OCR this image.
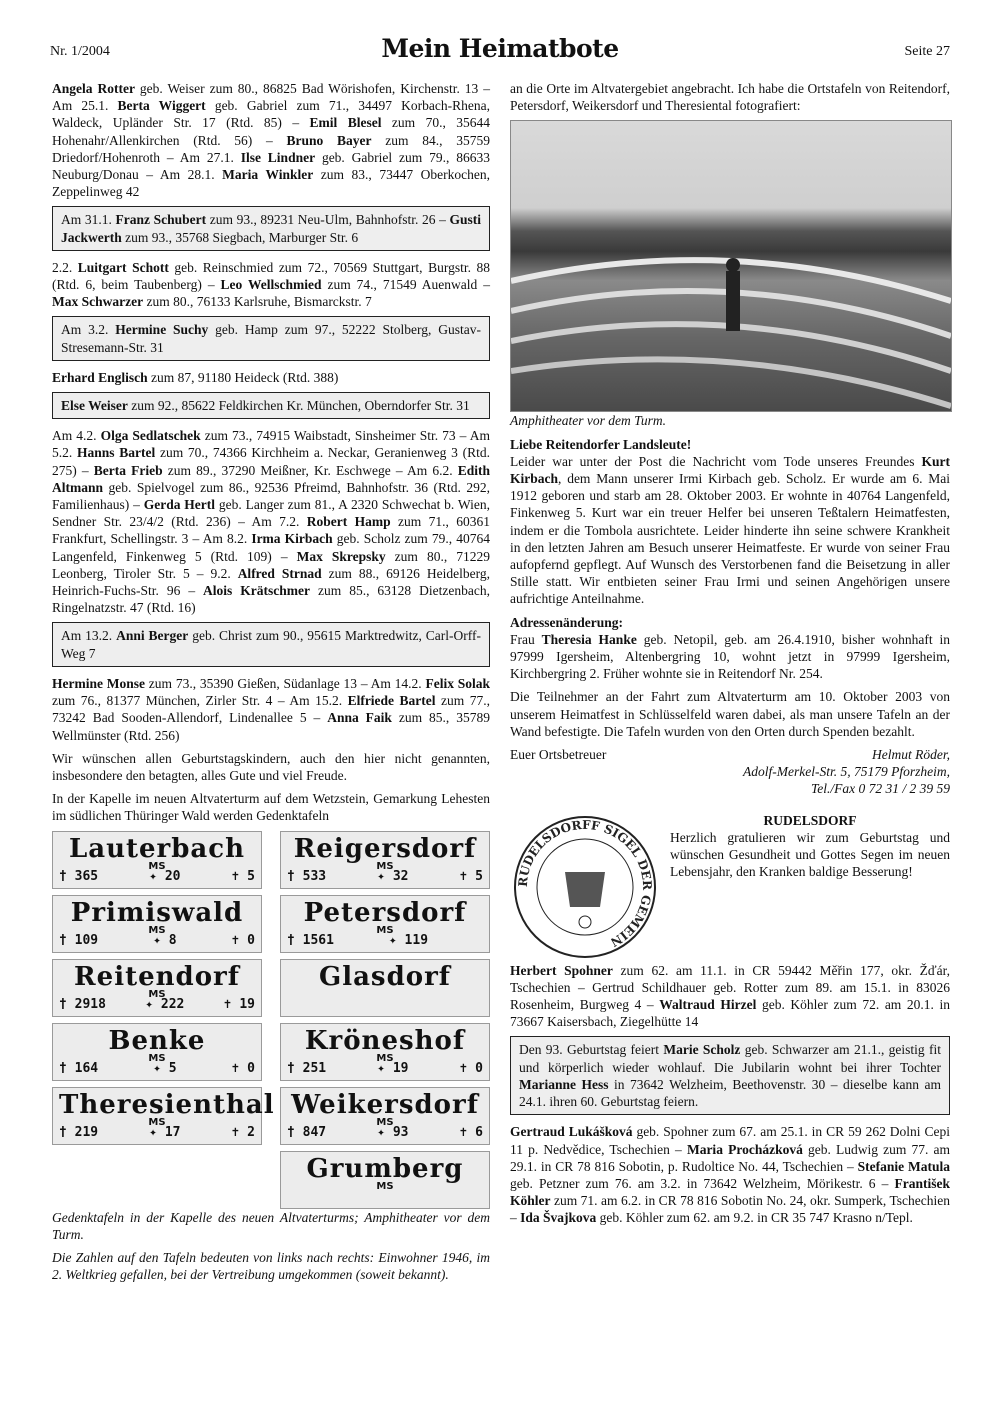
Nr. 1/2004	Mein Heimatbote	Seite 27

Angela Rotter geb. Weiser zum 80., 86825 Bad Wörishofen, Kirchenstr. 13 – Am 25.1. Berta Wiggert geb. Gabriel zum 71., 34497 Korbach-Rhena, Waldeck, Upländer Str. 17 (Rtd. 85) – Emil Blesel zum 70., 35644 Hohenahr/Allenkirchen (Rtd. 56) – Bruno Bayer zum 84., 35759 Driedorf/Hohenroth – Am 27.1. Ilse Lindner geb. Gabriel zum 79., 86633 Neuburg/Donau – Am 28.1. Maria Winkler zum 83., 73447 Oberkochen, Zeppelinweg 42

Am 31.1. Franz Schubert zum 93., 89231 Neu-Ulm, Bahnhofstr. 26 – Gusti Jackwerth zum 93., 35768 Siegbach, Marburger Str. 6

2.2. Luitgart Schott geb. Reinschmied zum 72., 70569 Stuttgart, Burgstr. 88 (Rtd. 6, beim Taubenberg) – Leo Wellschmied zum 74., 71549 Auenwald – Max Schwarzer zum 80., 76133 Karlsruhe, Bismarckstr. 7

Am 3.2. Hermine Suchy geb. Hamp zum 97., 52222 Stolberg, Gustav-Stresemann-Str. 31

Erhard Englisch zum 87, 91180 Heideck (Rtd. 388)

Else Weiser zum 92., 85622 Feldkirchen Kr. München, Oberndorfer Str. 31

Am 4.2. Olga Sedlatschek zum 73., 74915 Waibstadt, Sinsheimer Str. 73 – Am 5.2. Hanns Bartel zum 70., 74366 Kirchheim a. Neckar, Geranienweg 3 (Rtd. 275) – Berta Frieb zum 89., 37290 Meißner, Kr. Eschwege – Am 6.2. Edith Altmann geb. Spielvogel zum 86., 92536 Pfreimd, Bahnhofstr. 36 (Rtd. 292, Familienhaus) – Gerda Hertl geb. Langer zum 81., A 2320 Schwechat b. Wien, Sendner Str. 23/4/2 (Rtd. 236) – Am 7.2. Robert Hamp zum 71., 60361 Frankfurt, Schellingstr. 3 – Am 8.2. Irma Kirbach geb. Scholz zum 79., 40764 Langenfeld, Finkenweg 5 (Rtd. 109) – Max Skrepsky zum 80., 71229 Leonberg, Tiroler Str. 5 – 9.2. Alfred Strnad zum 88., 69126 Heidelberg, Heinrich-Fuchs-Str. 96 – Alois Krätschmer zum 85., 63128 Dietzenbach, Ringelnatzstr. 47 (Rtd. 16)

Am 13.2. Anni Berger geb. Christ zum 90., 95615 Marktredwitz, Carl-Orff-Weg 7

Hermine Monse zum 73., 35390 Gießen, Südanlage 13 – Am 14.2. Felix Solak zum 76., 81377 München, Zirler Str. 4 – Am 15.2. Elfriede Bartel zum 77., 73242 Bad Sooden-Allendorf, Lindenallee 5 – Anna Faik zum 85., 35789 Wellmünster (Rtd. 256)

Wir wünschen allen Geburtstagskindern, auch den hier nicht genannten, insbesondere den betagten, alles Gute und viel Freude.

In der Kapelle im neuen Altvaterturm auf dem Wetzstein, Gemarkung Lehesten im südlichen Thüringer Wald werden Gedenktafeln

Lauterbach
MS
† 365	✦ 20	✝ 5
Primiswald
MS
† 109	✦ 8	✝ 0
Reitendorf
MS
† 2918	✦ 222	✝ 19
Benke
MS
† 164	✦ 5	✝ 0
Theresienthal
MS
† 219	✦ 17	✝ 2
Reigersdorf
MS
† 533	✦ 32	✝ 5
Petersdorf
MS
† 1561	✦ 119
Glasdorf
Kröneshof
MS
† 251	✦ 19	✝ 0
Weikersdorf
MS
† 847	✦ 93	✝ 6
Grumberg
MS

Gedenktafeln in der Kapelle des neuen Altvaterturms; Amphitheater vor dem Turm.

Die Zahlen auf den Tafeln bedeuten von links nach rechts: Einwohner 1946, im 2. Weltkrieg gefallen, bei der Vertreibung umgekommen (soweit bekannt).

an die Orte im Altvatergebiet angebracht. Ich habe die Ortstafeln von Reitendorf, Petersdorf, Weikersdorf und Theresiental fotografiert:

Amphitheater vor dem Turm.

Liebe Reitendorfer Landsleute!

Leider war unter der Post die Nachricht vom Tode unseres Freundes Kurt Kirbach, dem Mann unserer Irmi Kirbach geb. Scholz. Er wurde am 6. Mai 1912 geboren und starb am 28. Oktober 2003. Er wohnte in 40764 Langenfeld, Finkenweg 5. Kurt war ein treuer Helfer bei unseren Teßtalern Heimatfesten, indem er die Tombola ausrichtete. Leider hinderte ihn seine schwere Krankheit in den letzten Jahren am Besuch unserer Heimatfeste. Er wurde von seiner Frau aufopfernd gepflegt. Auf Wunsch des Verstorbenen fand die Beisetzung in aller Stille statt. Wir entbieten seiner Frau Irmi und seinen Angehörigen unsere aufrichtige Anteilnahme.

Adressenänderung:

Frau Theresia Hanke geb. Netopil, geb. am 26.4.1910, bisher wohnhaft in 97999 Igersheim, Altenbergring 10, wohnt jetzt in 97999 Igersheim, Kirchbergring 2. Früher wohnte sie in Reitendorf Nr. 254.

Die Teilnehmer an der Fahrt zum Altvaterturm am 10. Oktober 2003 von unserem Heimatfest in Schlüsselfeld waren dabei, als man unsere Tafeln an der Wand befestigte. Die Tafeln wurden von den Orten durch Spenden bezahlt.

Euer Ortsbetreuer	Helmut Röder,
Adolf-Merkel-Str. 5, 75179 Pforzheim,
Tel./Fax 0 72 31 / 2 39 59
RUDELSDORFF SIGEL DER GEMEIN
RUDELSDORF

Herzlich gratulieren wir zum Geburtstag und wünschen Gesundheit und Gottes Segen im neuen Lebensjahr, den Kranken baldige Besserung!

Herbert Spohner zum 62. am 11.1. in CR 59442 Měřin 177, okr. Žďár, Tschechien – Gertrud Schildhauer geb. Rotter zum 89. am 15.1. in 83026 Rosenheim, Burgweg 4 – Waltraud Hirzel geb. Köhler zum 72. am 20.1. in 73667 Kaisersbach, Ziegelhütte 14

Den 93. Geburtstag feiert Marie Scholz geb. Schwarzer am 21.1., geistig fit und körperlich wieder wohlauf. Die Jubilarin wohnt bei ihrer Tochter Marianne Hess in 73642 Welzheim, Beethovenstr. 30 – dieselbe kann am 24.1. ihren 60. Geburtstag feiern.

Gertraud Lukášková geb. Spohner zum 67. am 25.1. in CR 59 262 Dolni Cepi 11 p. Nedvědice, Tschechien – Maria Procházková geb. Ludwig zum 77. am 29.1. in CR 78 816 Sobotin, p. Rudoltice No. 44, Tschechien – Stefanie Matula geb. Petzner zum 76. am 3.2. in 73642 Welzheim, Mörikestr. 6 – František Köhler zum 71. am 6.2. in CR 78 816 Sobotin No. 24, okr. Sumperk, Tschechien – Ida Švajkova geb. Köhler zum 62. am 9.2. in CR 35 747 Krasno n/Tepl.
